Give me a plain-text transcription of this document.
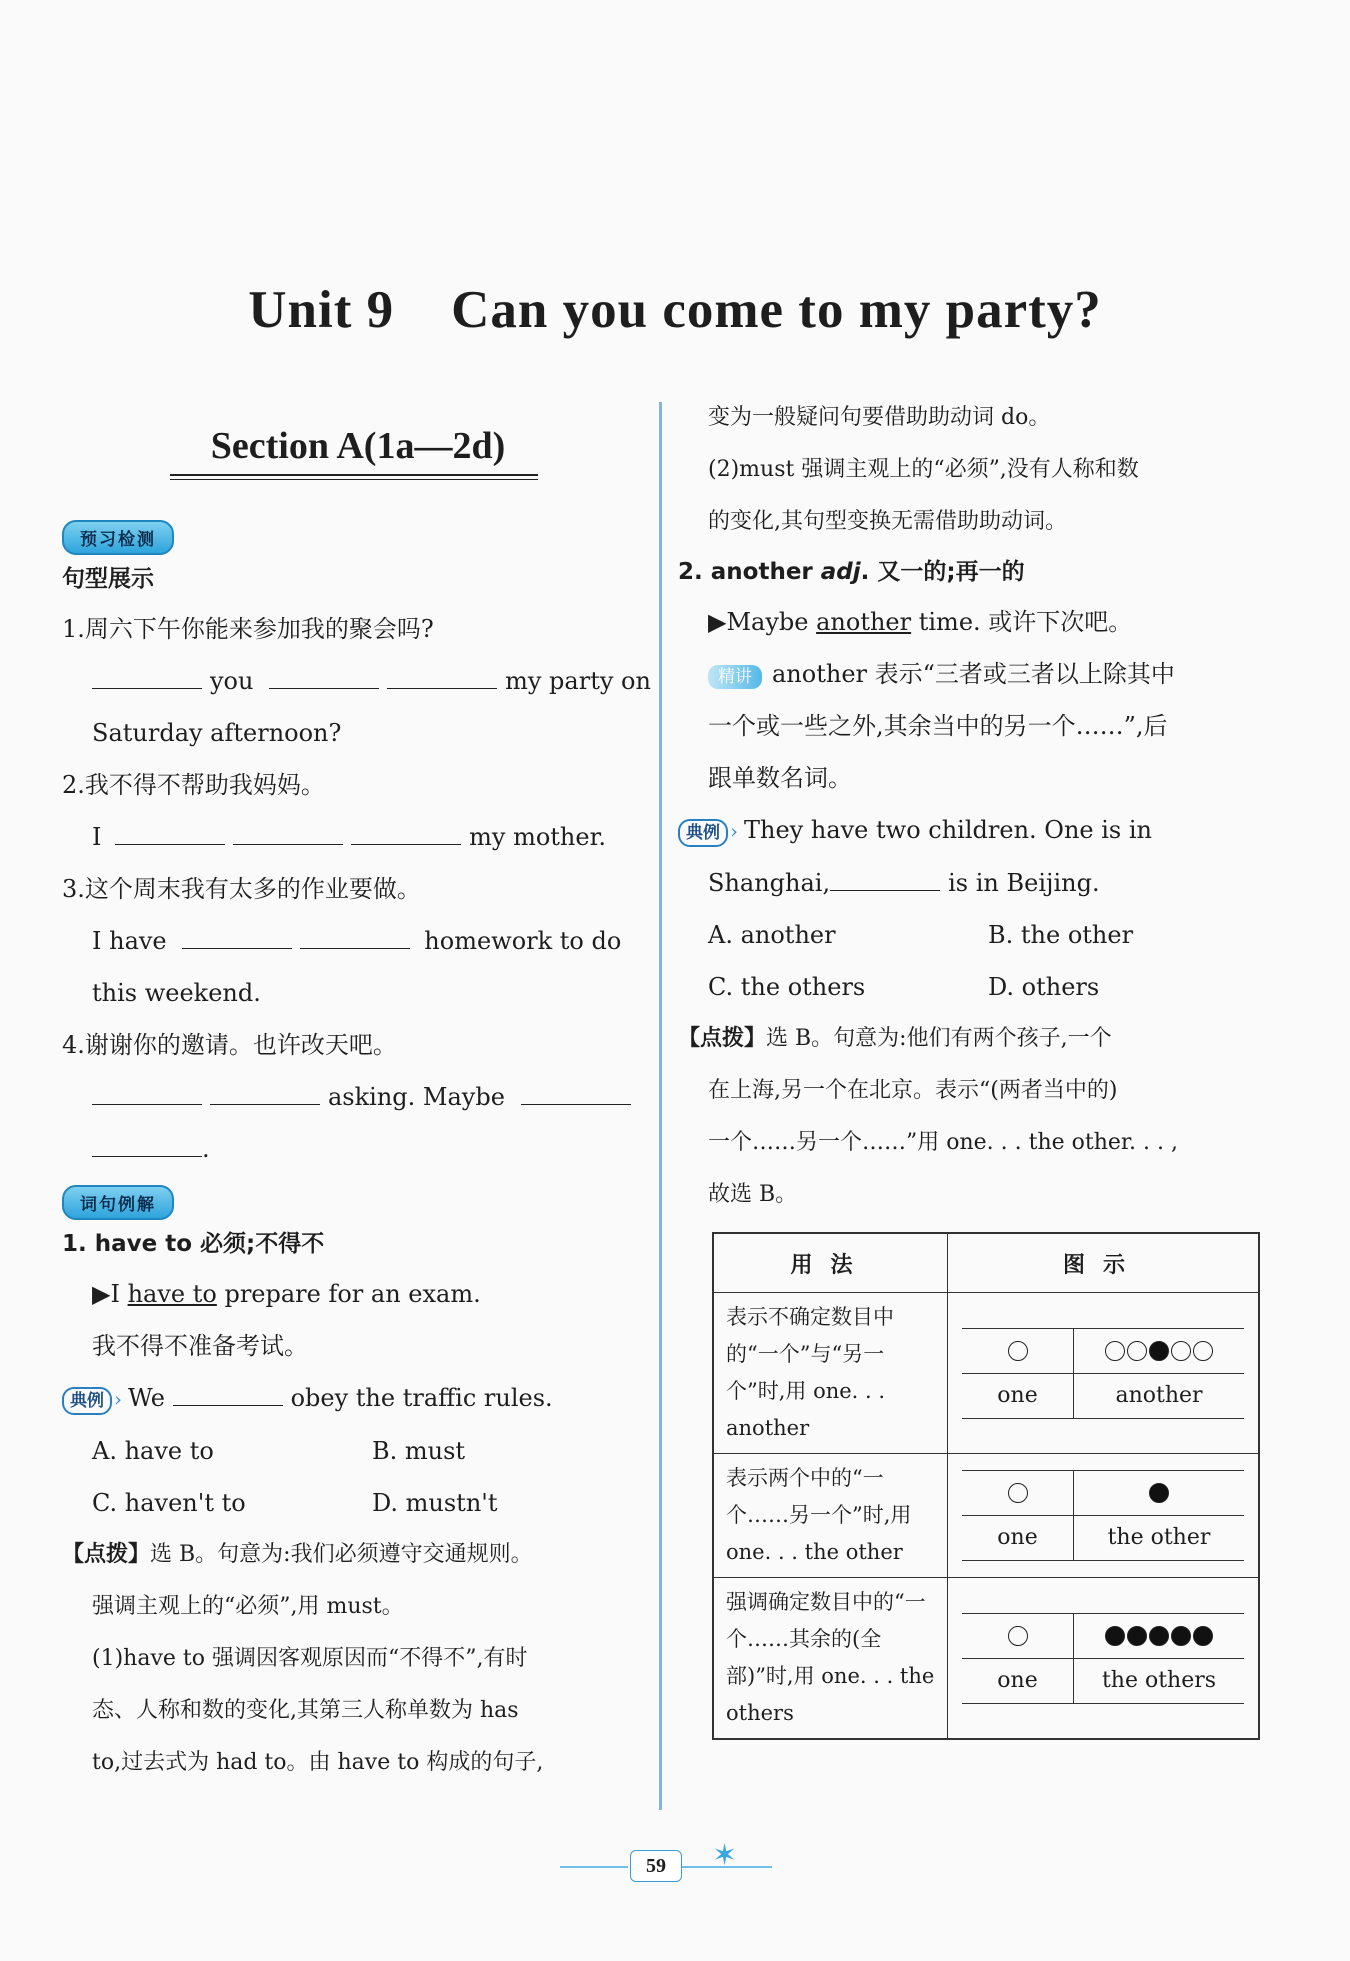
Unit 9    Can you come to my party?
Section A(1a—2d)
预习检测
句型展示
1.周六下午你能来参加我的聚会吗?
you	my party on
Saturday afternoon?
2.我不得不帮助我妈妈。
I	my mother.
3.这个周末我有太多的作业要做。
I have	homework to do
this weekend.
4.谢谢你的邀请。也许改天吧。
asking. Maybe
.
词句例解
1. have to 必须;不得不
▶I have to prepare for an exam.
我不得不准备考试。
典例 › We	obey the traffic rules.
A. have to	B. must
C. haven't to	D. mustn't
【点拨】选 B。句意为:我们必须遵守交通规则。
强调主观上的“必须”,用 must。
(1)have to 强调因客观原因而“不得不”,有时
态、人称和数的变化,其第三人称单数为 has
to,过去式为 had to。由 have to 构成的句子,
变为一般疑问句要借助助动词 do。
(2)must 强调主观上的“必须”,没有人称和数
的变化,其句型变换无需借助助动词。
2. another adj. 又一的;再一的
▶Maybe another time. 或许下次吧。
精讲 another 表示“三者或三者以上除其中
一个或一些之外,其余当中的另一个……”,后
跟单数名词。
典例 › They have two children. One is in
Shanghai,	is in Beijing.
A. another	B. the other
C. the others	D. others
【点拨】选 B。句意为:他们有两个孩子,一个
在上海,另一个在北京。表示“(两者当中的)
一个……另一个……”用 one. . . the other. . . ,
故选 B。
用法	图示
表示不确定数目中的“一个”与“另一个”时,用 one. . . another	one another

表示两个中的“一个……另一个”时,用 one. . . the other	one the other

强调确定数目中的“一个……其余的(全部)”时,用 one. . . the others	one the others
✶
59
